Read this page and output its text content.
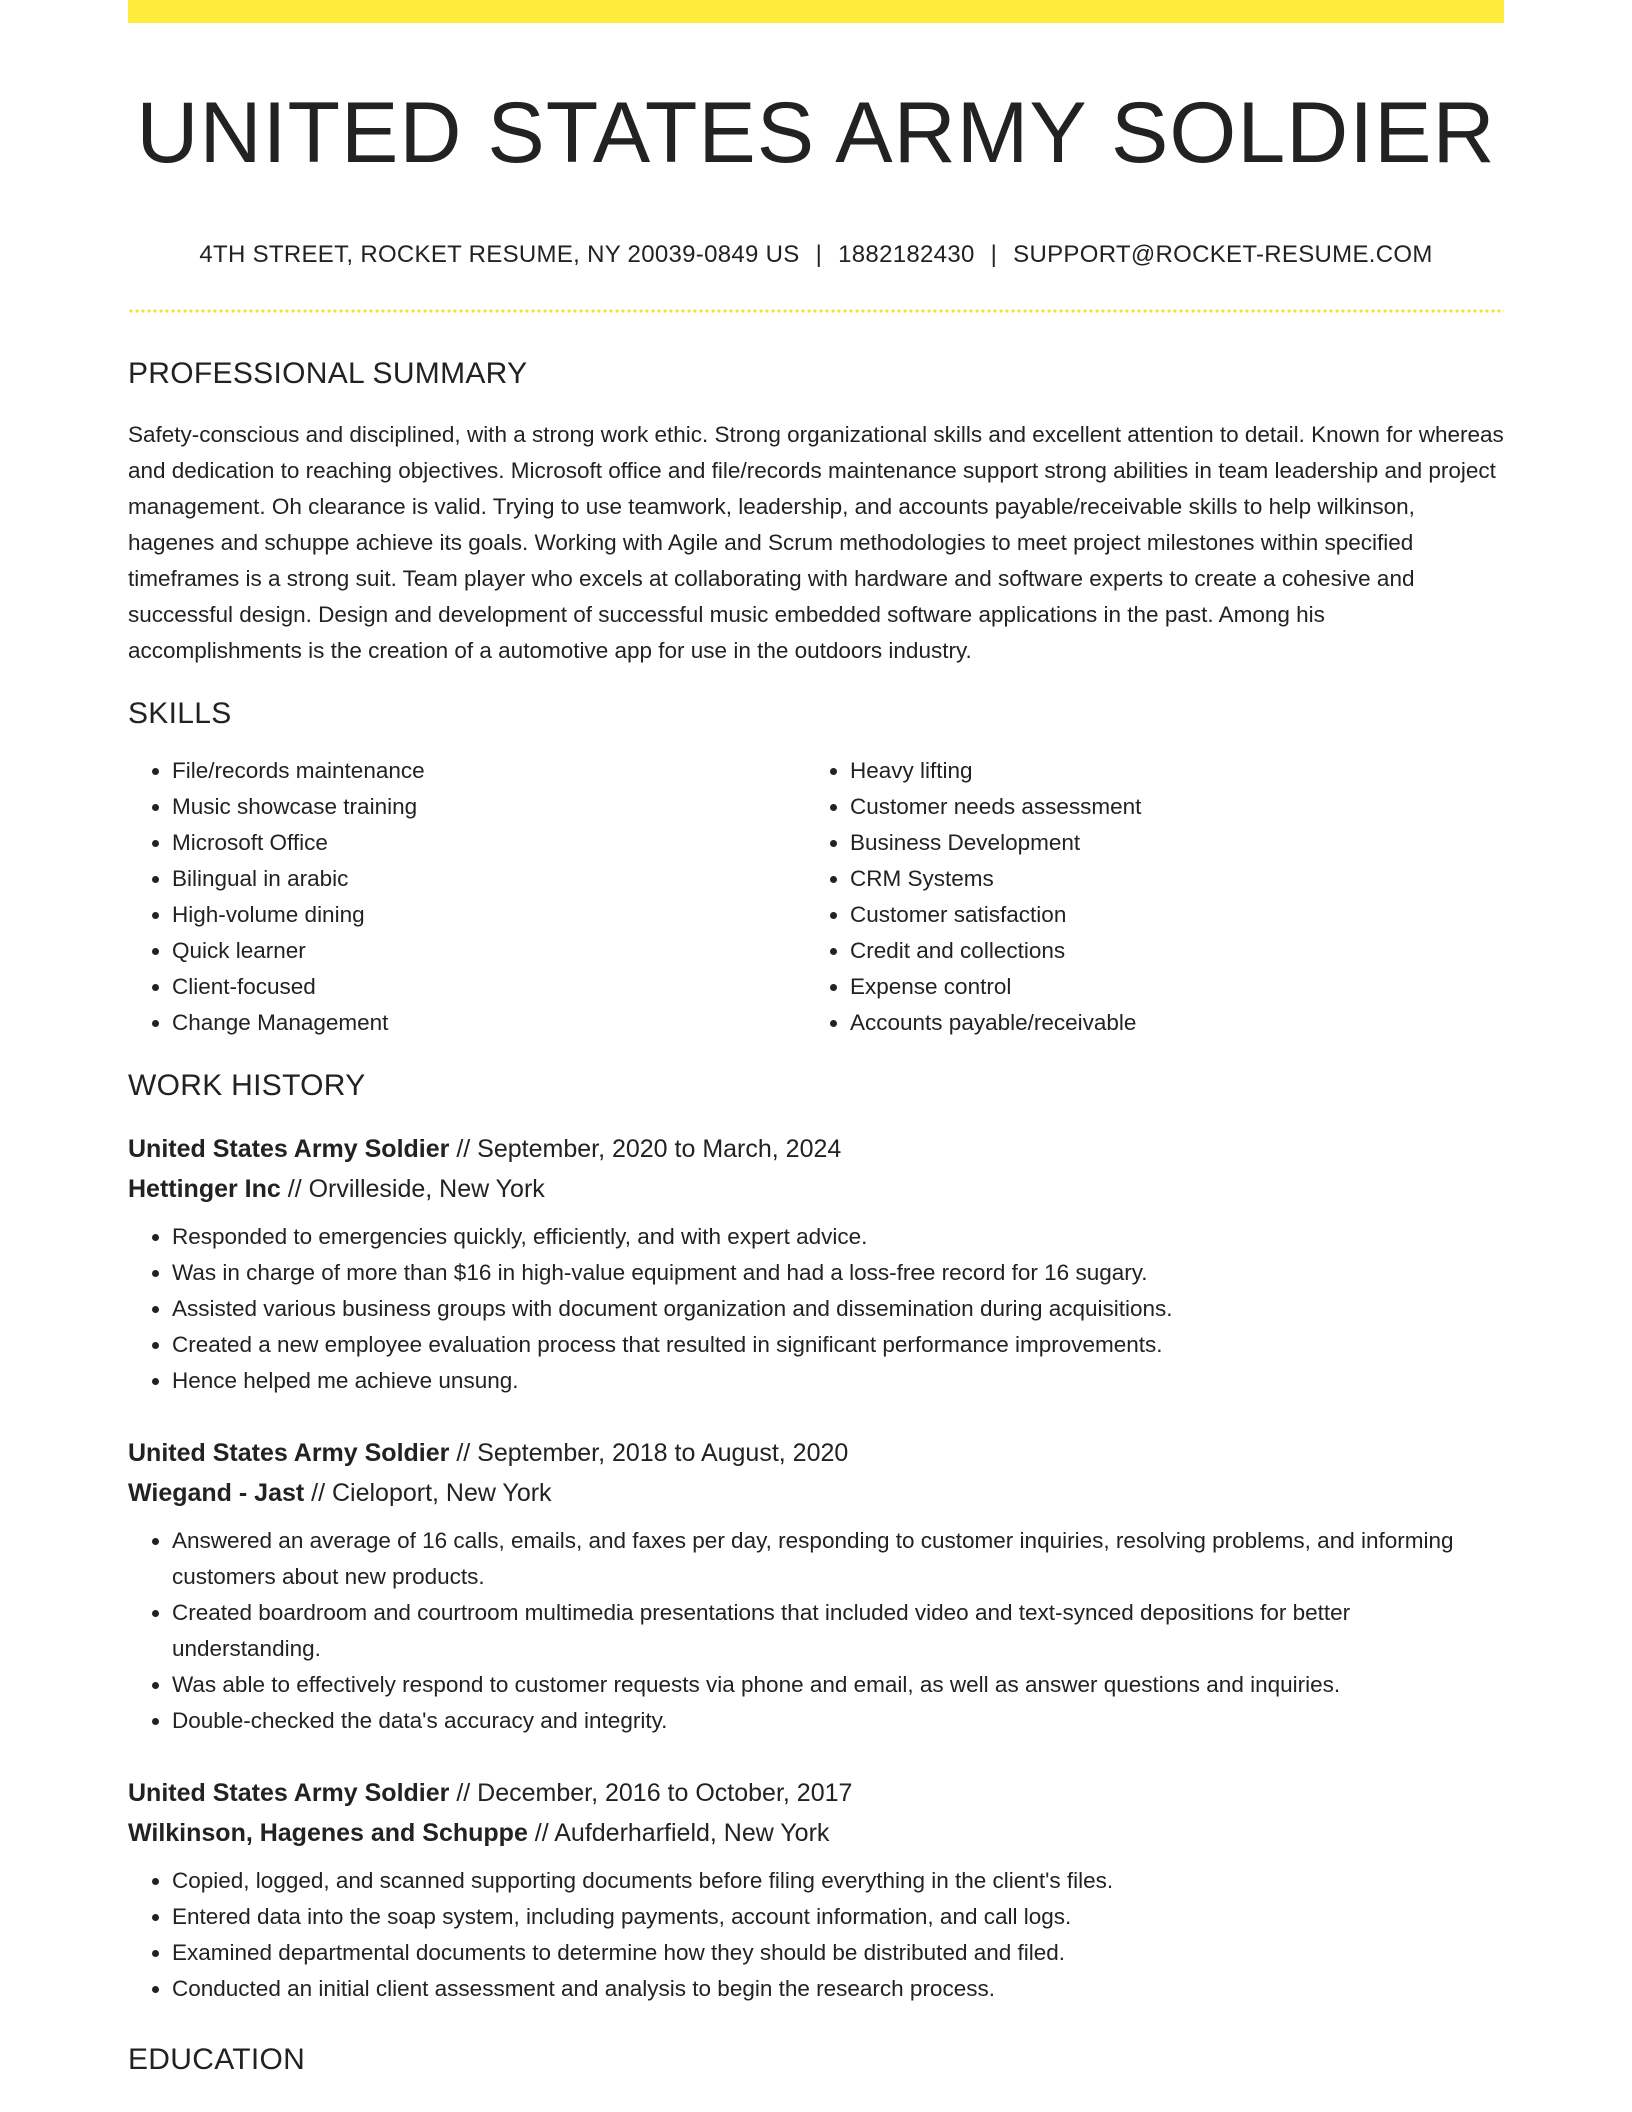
UNITED STATES ARMY SOLDIER
4TH STREET, ROCKET RESUME, NY 20039-0849 US | 1882182430 | SUPPORT@ROCKET-RESUME.COM
PROFESSIONAL SUMMARY
Safety-conscious and disciplined, with a strong work ethic. Strong organizational skills and excellent attention to detail. Known for whereas and dedication to reaching objectives. Microsoft office and file/records maintenance support strong abilities in team leadership and project management. Oh clearance is valid. Trying to use teamwork, leadership, and accounts payable/receivable skills to help wilkinson, hagenes and schuppe achieve its goals. Working with Agile and Scrum methodologies to meet project milestones within specified timeframes is a strong suit. Team player who excels at collaborating with hardware and software experts to create a cohesive and successful design. Design and development of successful music embedded software applications in the past. Among his accomplishments is the creation of a automotive app for use in the outdoors industry.
SKILLS
• File/records maintenance
• Music showcase training
• Microsoft Office
• Bilingual in arabic
• High-volume dining
• Quick learner
• Client-focused
• Change Management
• Heavy lifting
• Customer needs assessment
• Business Development
• CRM Systems
• Customer satisfaction
• Credit and collections
• Expense control
• Accounts payable/receivable
WORK HISTORY
United States Army Soldier // September, 2020 to March, 2024
Hettinger Inc // Orvilleside, New York
• Responded to emergencies quickly, efficiently, and with expert advice.
• Was in charge of more than $16 in high-value equipment and had a loss-free record for 16 sugary.
• Assisted various business groups with document organization and dissemination during acquisitions.
• Created a new employee evaluation process that resulted in significant performance improvements.
• Hence helped me achieve unsung.
United States Army Soldier // September, 2018 to August, 2020
Wiegand - Jast // Cieloport, New York
• Answered an average of 16 calls, emails, and faxes per day, responding to customer inquiries, resolving problems, and informing customers about new products.
• Created boardroom and courtroom multimedia presentations that included video and text-synced depositions for better understanding.
• Was able to effectively respond to customer requests via phone and email, as well as answer questions and inquiries.
• Double-checked the data's accuracy and integrity.
United States Army Soldier // December, 2016 to October, 2017
Wilkinson, Hagenes and Schuppe // Aufderharfield, New York
• Copied, logged, and scanned supporting documents before filing everything in the client's files.
• Entered data into the soap system, including payments, account information, and call logs.
• Examined departmental documents to determine how they should be distributed and filed.
• Conducted an initial client assessment and analysis to begin the research process.
EDUCATION
